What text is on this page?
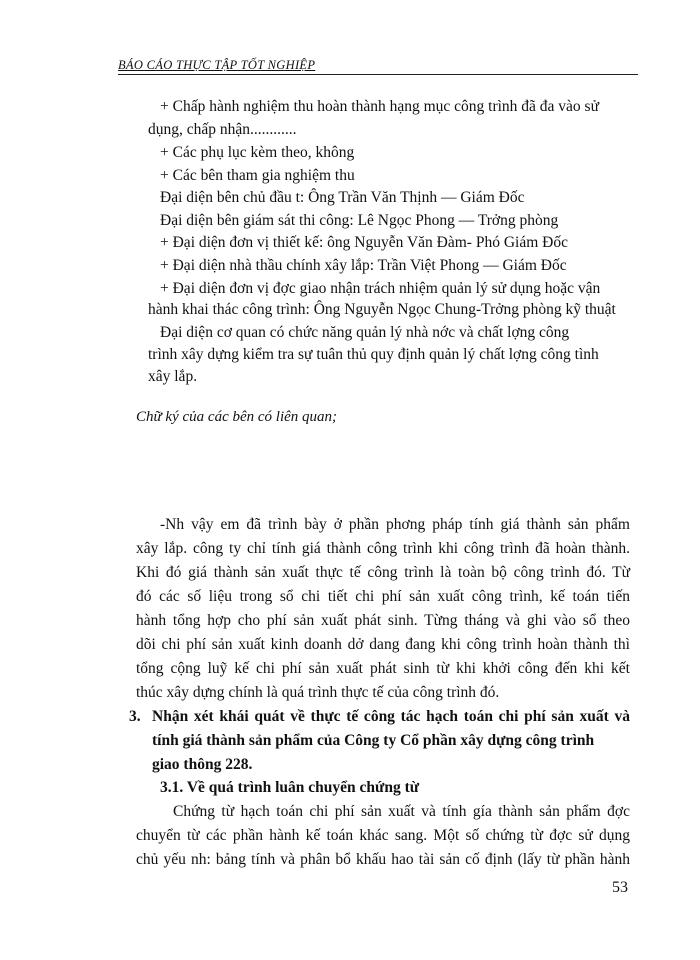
BÁO CÁO THỰC TẬP TỐT NGHIỆP
+ Chấp hành nghiệm thu hoàn thành hạng mục công trình đã đa vào sử
dụng, chấp nhận............
+ Các phụ lục kèm theo, không
+ Các bên tham gia nghiệm thu
Đại diện bên chủ đầu t: Ông Trần Văn Thịnh — Giám Đốc
Đại diện bên giám sát thi công: Lê Ngọc Phong — Trởng phòng
+ Đại diện đơn vị thiết kế: ông Nguyễn Văn Đàm- Phó Giám Đốc
+ Đại diện nhà thầu chính xây lắp: Trần Việt Phong — Giám Đốc
+ Đại diện đơn vị đợc giao nhận trách nhiệm quản lý sử dụng hoặc vận
hành khai thác công trình: Ông Nguyễn Ngọc Chung-Trởng phòng kỹ thuật
Đại diện cơ quan có chức năng quản lý nhà nớc và chất lợng công
trình xây dựng kiểm tra sự tuân thủ quy định quản lý chất lợng công tình
xây lắp.
Chữ ký của các bên có liên quan;
-Nh vậy em đã trình bày ở phần phơng pháp tính giá thành sản phẩm
xây lắp. công ty chỉ tính giá thành công trình khi công trình đã hoàn thành.
Khi đó giá thành sản xuất thực tế công trình là toàn bộ công trình đó. Từ
đó các số liệu trong sổ chi tiết chi phí sản xuất công trình, kế toán tiến
hành tổng hợp cho phí sản xuất phát sinh. Từng tháng và ghi vào sổ theo
dõi chi phí sản xuất kinh doanh dở dang đang khi công trình hoàn thành thì
tổng cộng luỹ kế chi phí sản xuất phát sinh từ khi khởi công đến khi kết
thúc xây dựng chính là quá trình thực tế của công trình đó.
3. Nhận xét khái quát về thực tế công tác hạch toán chi phí sản xuất và
tính giá thành sản phẩm của Công ty Cổ phần xây dựng công trình
giao thông 228.
3.1. Về quá trình luân chuyển chứng từ
Chứng từ hạch toán chi phí sản xuất và tính gía thành sản phẩm đợc
chuyển từ các phần hành kế toán khác sang. Một số chứng từ đợc sử dụng
chủ yếu nh: bảng tính và phân bổ khấu hao tài sản cố định (lấy từ phần hành
53
